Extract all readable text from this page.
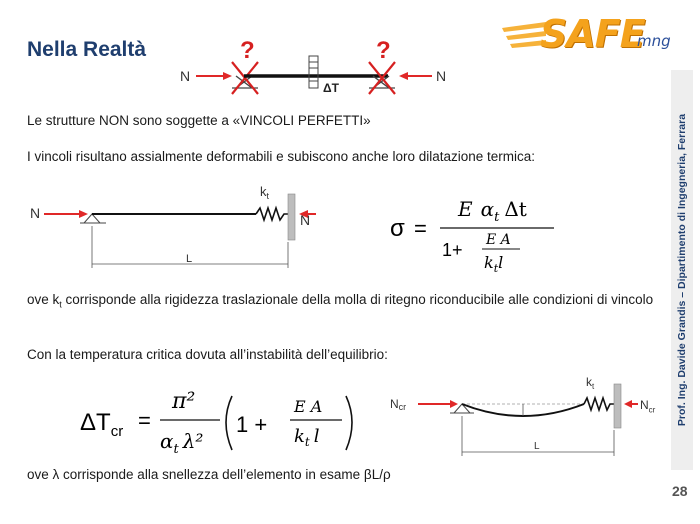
Nella Realtà	SAFE
mng
N
?
ΔT
?
N
Prof. Ing. Davide Grandis – Dipartimento di Ingegneria, Ferrara
28
Le strutture NON sono soggette a «VINCOLI PERFETTI»
I vincoli risultano assialmente deformabili e subiscono anche loro dilatazione termica:
N
$k_t$
L
N	σ =
E $\alpha_t$ Δt
1+ E A
$k_tl$
ove $k_t$ corrisponde alla rigidezza traslazionale della molla di ritegno riconducibile alle condizioni di vincolo
Con la temperatura critica dovuta all’instabilità dell’equilibrio:
$\Delta T_{cr}$ =
π²
$\alpha_t$ λ²
1 +
E A
$k_t$ l
Ncr
$k_t$
L
$N_{cr}$
ove λ corrisponde alla snellezza dell’elemento in esame βL/ρ
